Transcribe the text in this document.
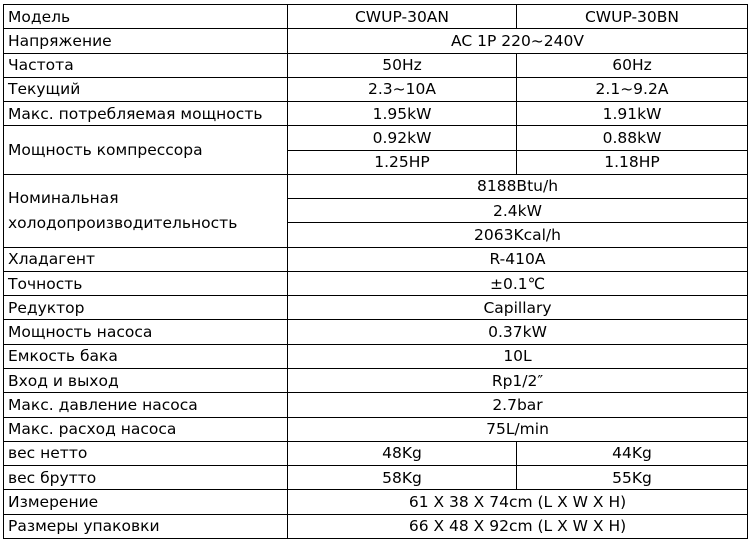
Модель	CWUP-30AN	CWUP-30BN
Напряжение	AC 1P 220~240V	
Частота	50Hz	60Hz
Текущий	2.3~10A	2.1~9.2A
Макс. потребляемая мощность	1.95kW	1.91kW
Мощность компрессора	0.92kW	0.88kW
	1.25HP	1.18HP
Номинальная холодопроизводительность	8188Btu/h	
	2.4kW	
	2063Kcal/h	
Хладагент	R-410A	
Точность	±0.1℃	
Редуктор	Capillary	
Мощность насоса	0.37kW	
Емкость бака	10L	
Вход и выход	Rp1/2″	
Макс. давление насоса	2.7bar	
Макс. расход насоса	75L/min	
вес нетто	48Kg	44Kg
вес брутто	58Kg	55Kg
Измерение	61 X 38 X 74cm (L X W X H)	
Размеры упаковки	66 X 48 X 92cm (L X W X H)	
